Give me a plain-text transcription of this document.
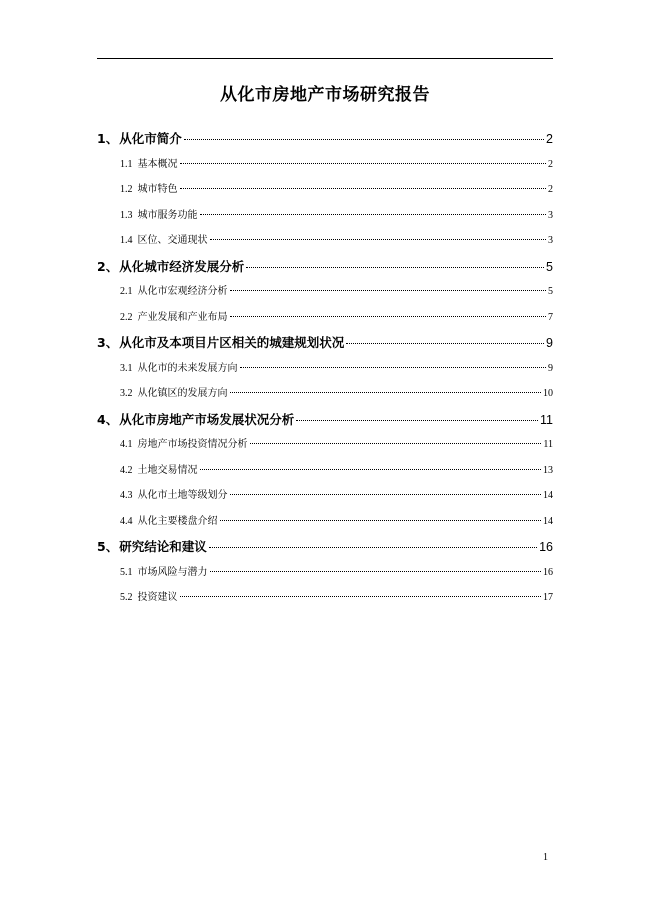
从化市房地产市场研究报告
1、 从化市简介	2
1.1 基本概况	2
1.2 城市特色	2
1.3 城市服务功能	3
1.4 区位、交通现状	3
2、 从化城市经济发展分析	5
2.1 从化市宏观经济分析	5
2.2 产业发展和产业布局	7
3、 从化市及本项目片区相关的城建规划状况	9
3.1 从化市的未来发展方向	9
3.2 从化镇区的发展方向	10
4、 从化市房地产市场发展状况分析	11
4.1 房地产市场投资情况分析	11
4.2 土地交易情况	13
4.3 从化市土地等级划分	14
4.4 从化主要楼盘介绍	14
5、 研究结论和建议	16
5.1 市场风险与潜力	16
5.2 投资建议	17
1
